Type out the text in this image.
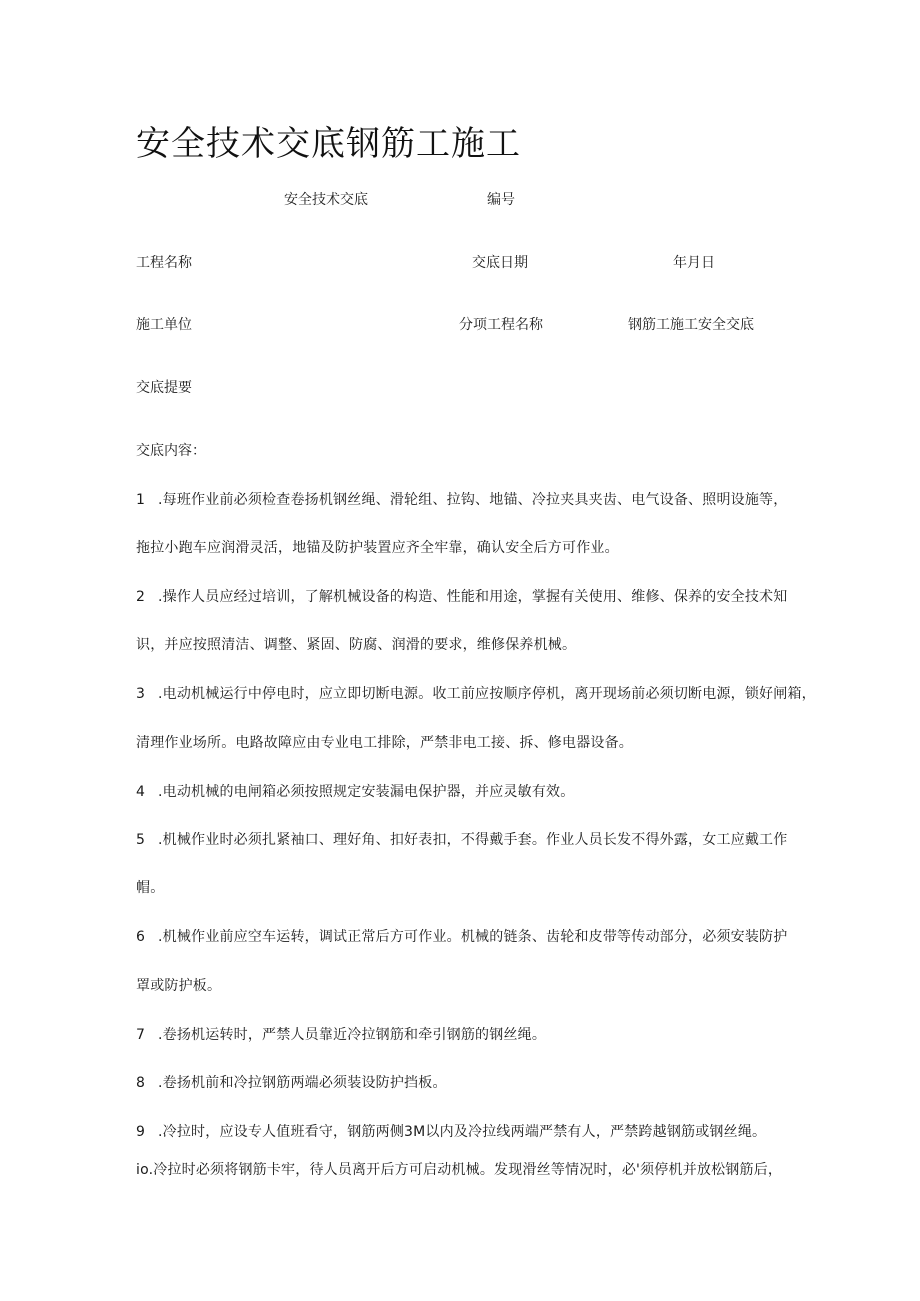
安全技术交底钢筋工施工
安全技术交底	编号
工程名称	交底日期	年月日
施工单位	分项工程名称	钢筋工施工安全交底
交底提要
交底内容：
1 .每班作业前必须检查卷扬机钢丝绳、滑轮组、拉钩、地锚、冷拉夹具夹齿、电气设备、照明设施等，
拖拉小跑车应润滑灵活，地锚及防护装置应齐全牢靠，确认安全后方可作业。
2 .操作人员应经过培训，了解机械设备的构造、性能和用途，掌握有关使用、维修、保养的安全技术知
识，并应按照清洁、调整、紧固、防腐、润滑的要求，维修保养机械。
3 .电动机械运行中停电时，应立即切断电源。收工前应按顺序停机，离开现场前必须切断电源，锁好闸箱，
清理作业场所。电路故障应由专业电工排除，严禁非电工接、拆、修电器设备。
4 .电动机械的电闸箱必须按照规定安装漏电保护器，并应灵敏有效。
5 .机械作业时必须扎紧袖口、理好角、扣好表扣，不得戴手套。作业人员长发不得外露，女工应戴工作
帽。
6 .机械作业前应空车运转，调试正常后方可作业。机械的链条、齿轮和皮带等传动部分，必须安装防护
罩或防护板。
7 .卷扬机运转时，严禁人员靠近冷拉钢筋和牵引钢筋的钢丝绳。
8 .卷扬机前和冷拉钢筋两端必须装设防护挡板。
9 .冷拉时，应设专人值班看守，钢筋两侧3M以内及冷拉线两端严禁有人，严禁跨越钢筋或钢丝绳。
io.冷拉时必须将钢筋卡牢，待人员离开后方可启动机械。发现滑丝等情况时，必'须停机并放松钢筋后，
